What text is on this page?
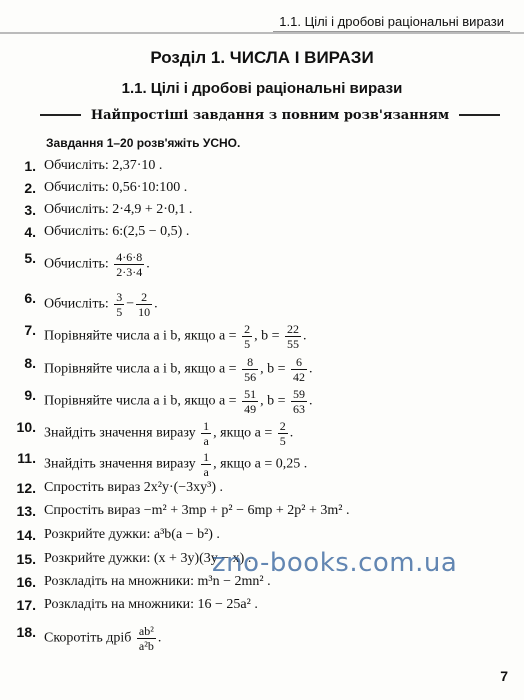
1.1. Цілі і дробові раціональні вирази
Розділ 1. ЧИСЛА І ВИРАЗИ
1.1. Цілі і дробові раціональні вирази
Найпростіші завдання з повним розв'язанням
Завдання 1–20 розв'яжіть УСНО.
1. Обчисліть: 2,37·10 .
2. Обчисліть: 0,56·10:100 .
3. Обчисліть: 2·4,9 + 2·0,1 .
4. Обчисліть: 6:(2,5 − 0,5) .
5. Обчисліть: $\frac{4\cdot 6\cdot 8}{2\cdot 3\cdot 4}$ .
6. Обчисліть: $\frac{3}{5} - \frac{2}{10}$ .
7. Порівняйте числа a і b, якщо $a = \frac{2}{5}$ , $b = \frac{22}{55}$ .
8. Порівняйте числа a і b, якщо $a = \frac{8}{56}$ , $b = \frac{6}{42}$ .
9. Порівняйте числа a і b, якщо $a = \frac{51}{49}$ , $b = \frac{59}{63}$ .
10. Знайдіть значення виразу $\frac{1}{a}$ , якщо $a = \frac{2}{5}$ .
11. Знайдіть значення виразу $\frac{1}{a}$ , якщо a = 0,25 .
12. Спростіть вираз 2x²y·(−3xy³) .
13. Спростіть вираз −m² + 3mp + p² − 6mp + 2p² + 3m² .
14. Розкрийте дужки: a³b(a − b²) .
15. Розкрийте дужки: (x + 3y)(3y − x) .
16. Розкладіть на множники: m³n − 2mn² .
17. Розкладіть на множники: 16 − 25a² .
18. Скоротіть дріб $\frac{\text{ab²}}{\text{a²b}}$ .
zno-books.com.ua
7
